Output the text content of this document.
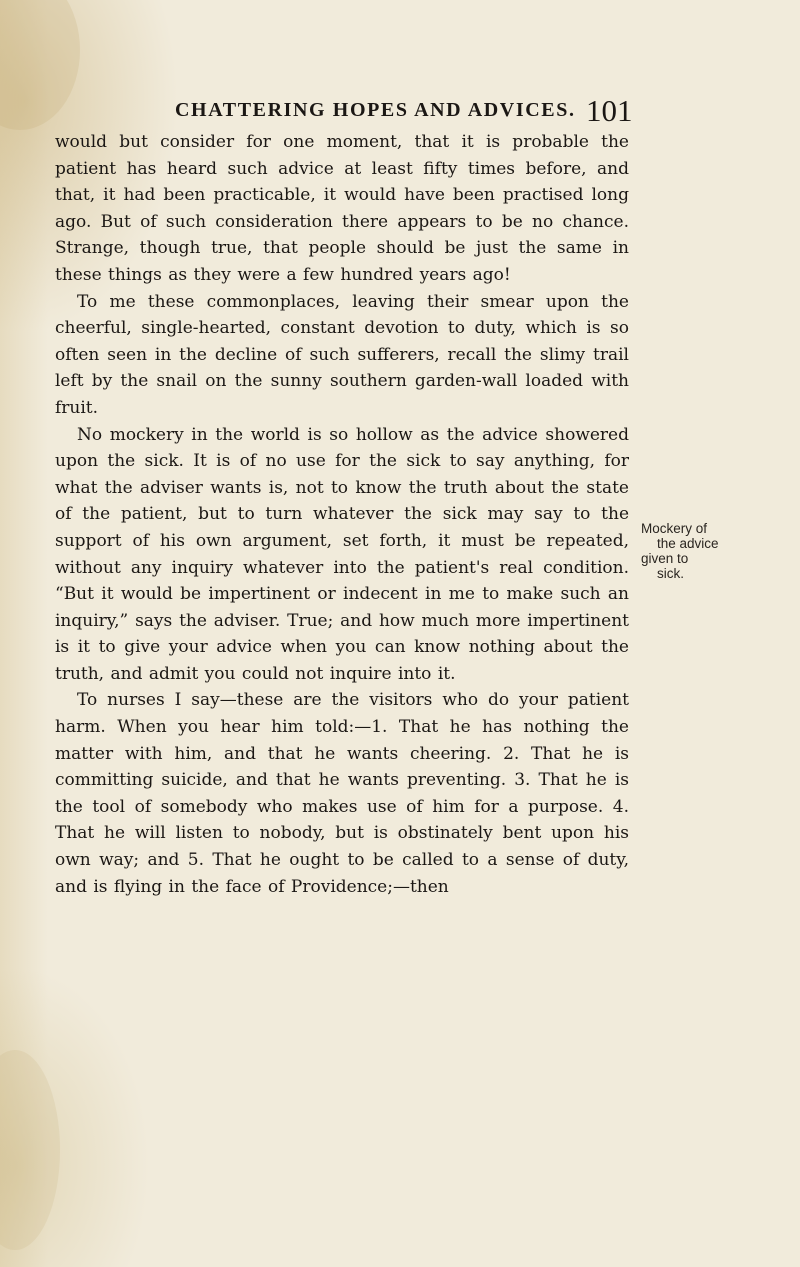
CHATTERING HOPES AND ADVICES. 101

would but consider for one moment, that it is probable the patient has heard such advice at least fifty times before, and that, it had been practicable, it would have been practised long ago. But of such consideration there appears to be no chance. Strange, though true, that people should be just the same in these things as they were a few hundred years ago!

To me these commonplaces, leaving their smear upon the cheerful, single-hearted, constant devotion to duty, which is so often seen in the decline of such sufferers, recall the slimy trail left by the snail on the sunny southern garden-wall loaded with fruit.

No mockery in the world is so hollow as the advice showered upon the sick. It is of no use for the sick to say anything, for what the adviser wants is, not to know the truth about the state of the patient, but to turn whatever the sick may say to the support of his own argument, set forth, it must be repeated, without any inquiry whatever into the patient's real condition. “But it would be impertinent or indecent in me to make such an inquiry,” says the adviser. True; and how much more impertinent is it to give your advice when you can know nothing about the truth, and admit you could not inquire into it.

To nurses I say—these are the visitors who do your patient harm. When you hear him told:—1. That he has nothing the matter with him, and that he wants cheering. 2. That he is committing suicide, and that he wants preventing. 3. That he is the tool of somebody who makes use of him for a purpose. 4. That he will listen to nobody, but is obstinately bent upon his own way; and 5. That he ought to be called to a sense of duty, and is flying in the face of Providence;—then

Mockery of
the advice
given to
sick.
